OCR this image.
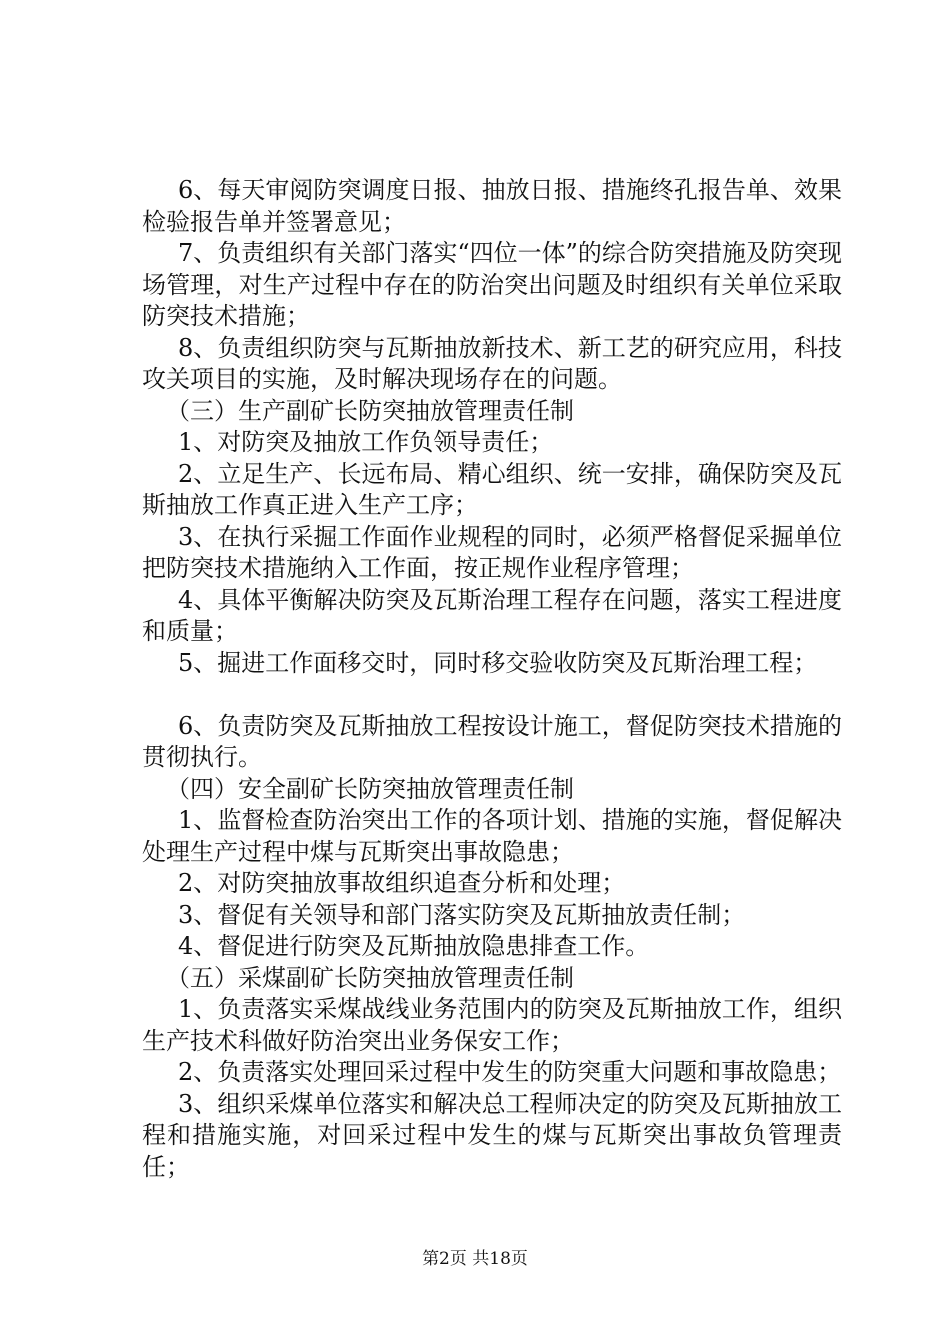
6、每天审阅防突调度日报、抽放日报、措施终孔报告单、效果检验报告单并签署意见；

7、负责组织有关部门落实“四位一体”的综合防突措施及防突现场管理，对生产过程中存在的防治突出问题及时组织有关单位采取防突技术措施；

8、负责组织防突与瓦斯抽放新技术、新工艺的研究应用，科技攻关项目的实施，及时解决现场存在的问题。

（三）生产副矿长防突抽放管理责任制

1、对防突及抽放工作负领导责任；

2、立足生产、长远布局、精心组织、统一安排，确保防突及瓦斯抽放工作真正进入生产工序；

3、在执行采掘工作面作业规程的同时，必须严格督促采掘单位把防突技术措施纳入工作面，按正规作业程序管理；

4、具体平衡解决防突及瓦斯治理工程存在问题，落实工程进度和质量；

5、掘进工作面移交时，同时移交验收防突及瓦斯治理工程；

6、负责防突及瓦斯抽放工程按设计施工，督促防突技术措施的贯彻执行。

（四）安全副矿长防突抽放管理责任制

1、监督检查防治突出工作的各项计划、措施的实施，督促解决处理生产过程中煤与瓦斯突出事故隐患；

2、对防突抽放事故组织追查分析和处理；

3、督促有关领导和部门落实防突及瓦斯抽放责任制；

4、督促进行防突及瓦斯抽放隐患排查工作。

（五）采煤副矿长防突抽放管理责任制

1、负责落实采煤战线业务范围内的防突及瓦斯抽放工作，组织生产技术科做好防治突出业务保安工作；

2、负责落实处理回采过程中发生的防突重大问题和事故隐患；

3、组织采煤单位落实和解决总工程师决定的防突及瓦斯抽放工程和措施实施，对回采过程中发生的煤与瓦斯突出事故负管理责任；

第2页 共18页
